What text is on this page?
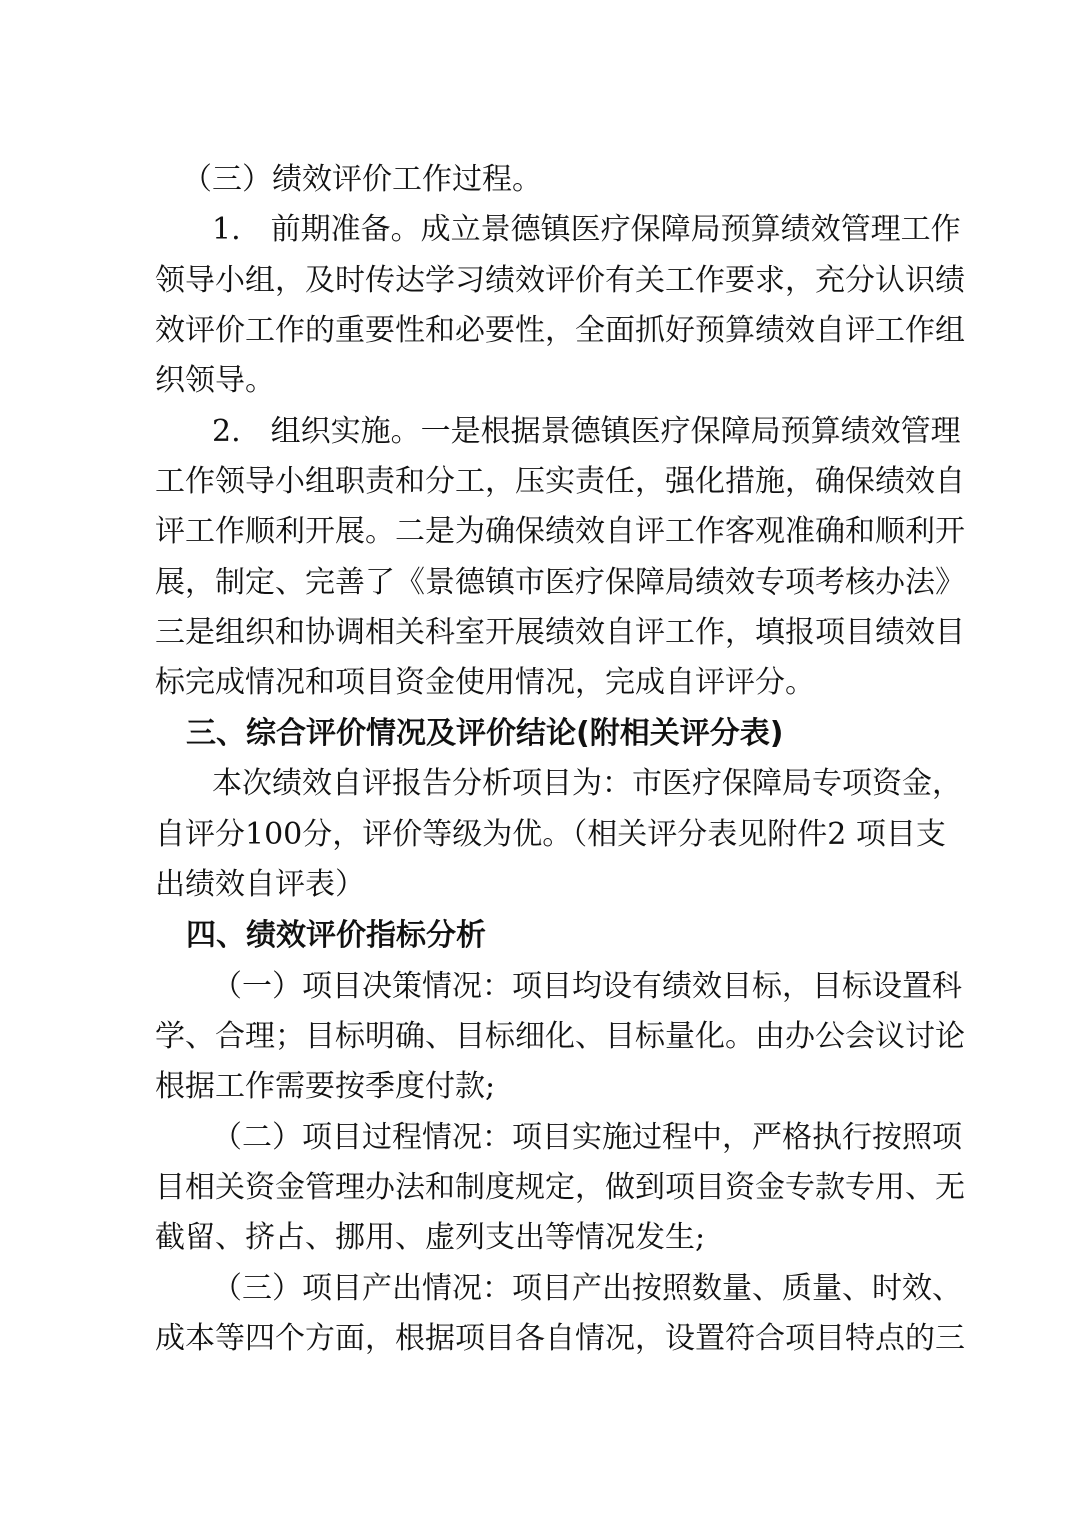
（三）绩效评价工作过程。
1.　前期准备。成立景德镇医疗保障局预算绩效管理工作
领导小组，及时传达学习绩效评价有关工作要求，充分认识绩
效评价工作的重要性和必要性，全面抓好预算绩效自评工作组
织领导。
2.　组织实施。一是根据景德镇医疗保障局预算绩效管理
工作领导小组职责和分工，压实责任，强化措施，确保绩效自
评工作顺利开展。二是为确保绩效自评工作客观准确和顺利开
展，制定、完善了《景德镇市医疗保障局绩效专项考核办法》
三是组织和协调相关科室开展绩效自评工作，填报项目绩效目
标完成情况和项目资金使用情况，完成自评评分。
三、综合评价情况及评价结论(附相关评分表)
本次绩效自评报告分析项目为：市医疗保障局专项资金，
自评分100分，评价等级为优。（相关评分表见附件2 项目支
出绩效自评表）
四、绩效评价指标分析
（一）项目决策情况：项目均设有绩效目标，目标设置科
学、合理；目标明确、目标细化、目标量化。由办公会议讨论
根据工作需要按季度付款;
（二）项目过程情况：项目实施过程中，严格执行按照项
目相关资金管理办法和制度规定，做到项目资金专款专用、无
截留、挤占、挪用、虚列支出等情况发生;
（三）项目产出情况：项目产出按照数量、质量、时效、
成本等四个方面，根据项目各自情况，设置符合项目特点的三
